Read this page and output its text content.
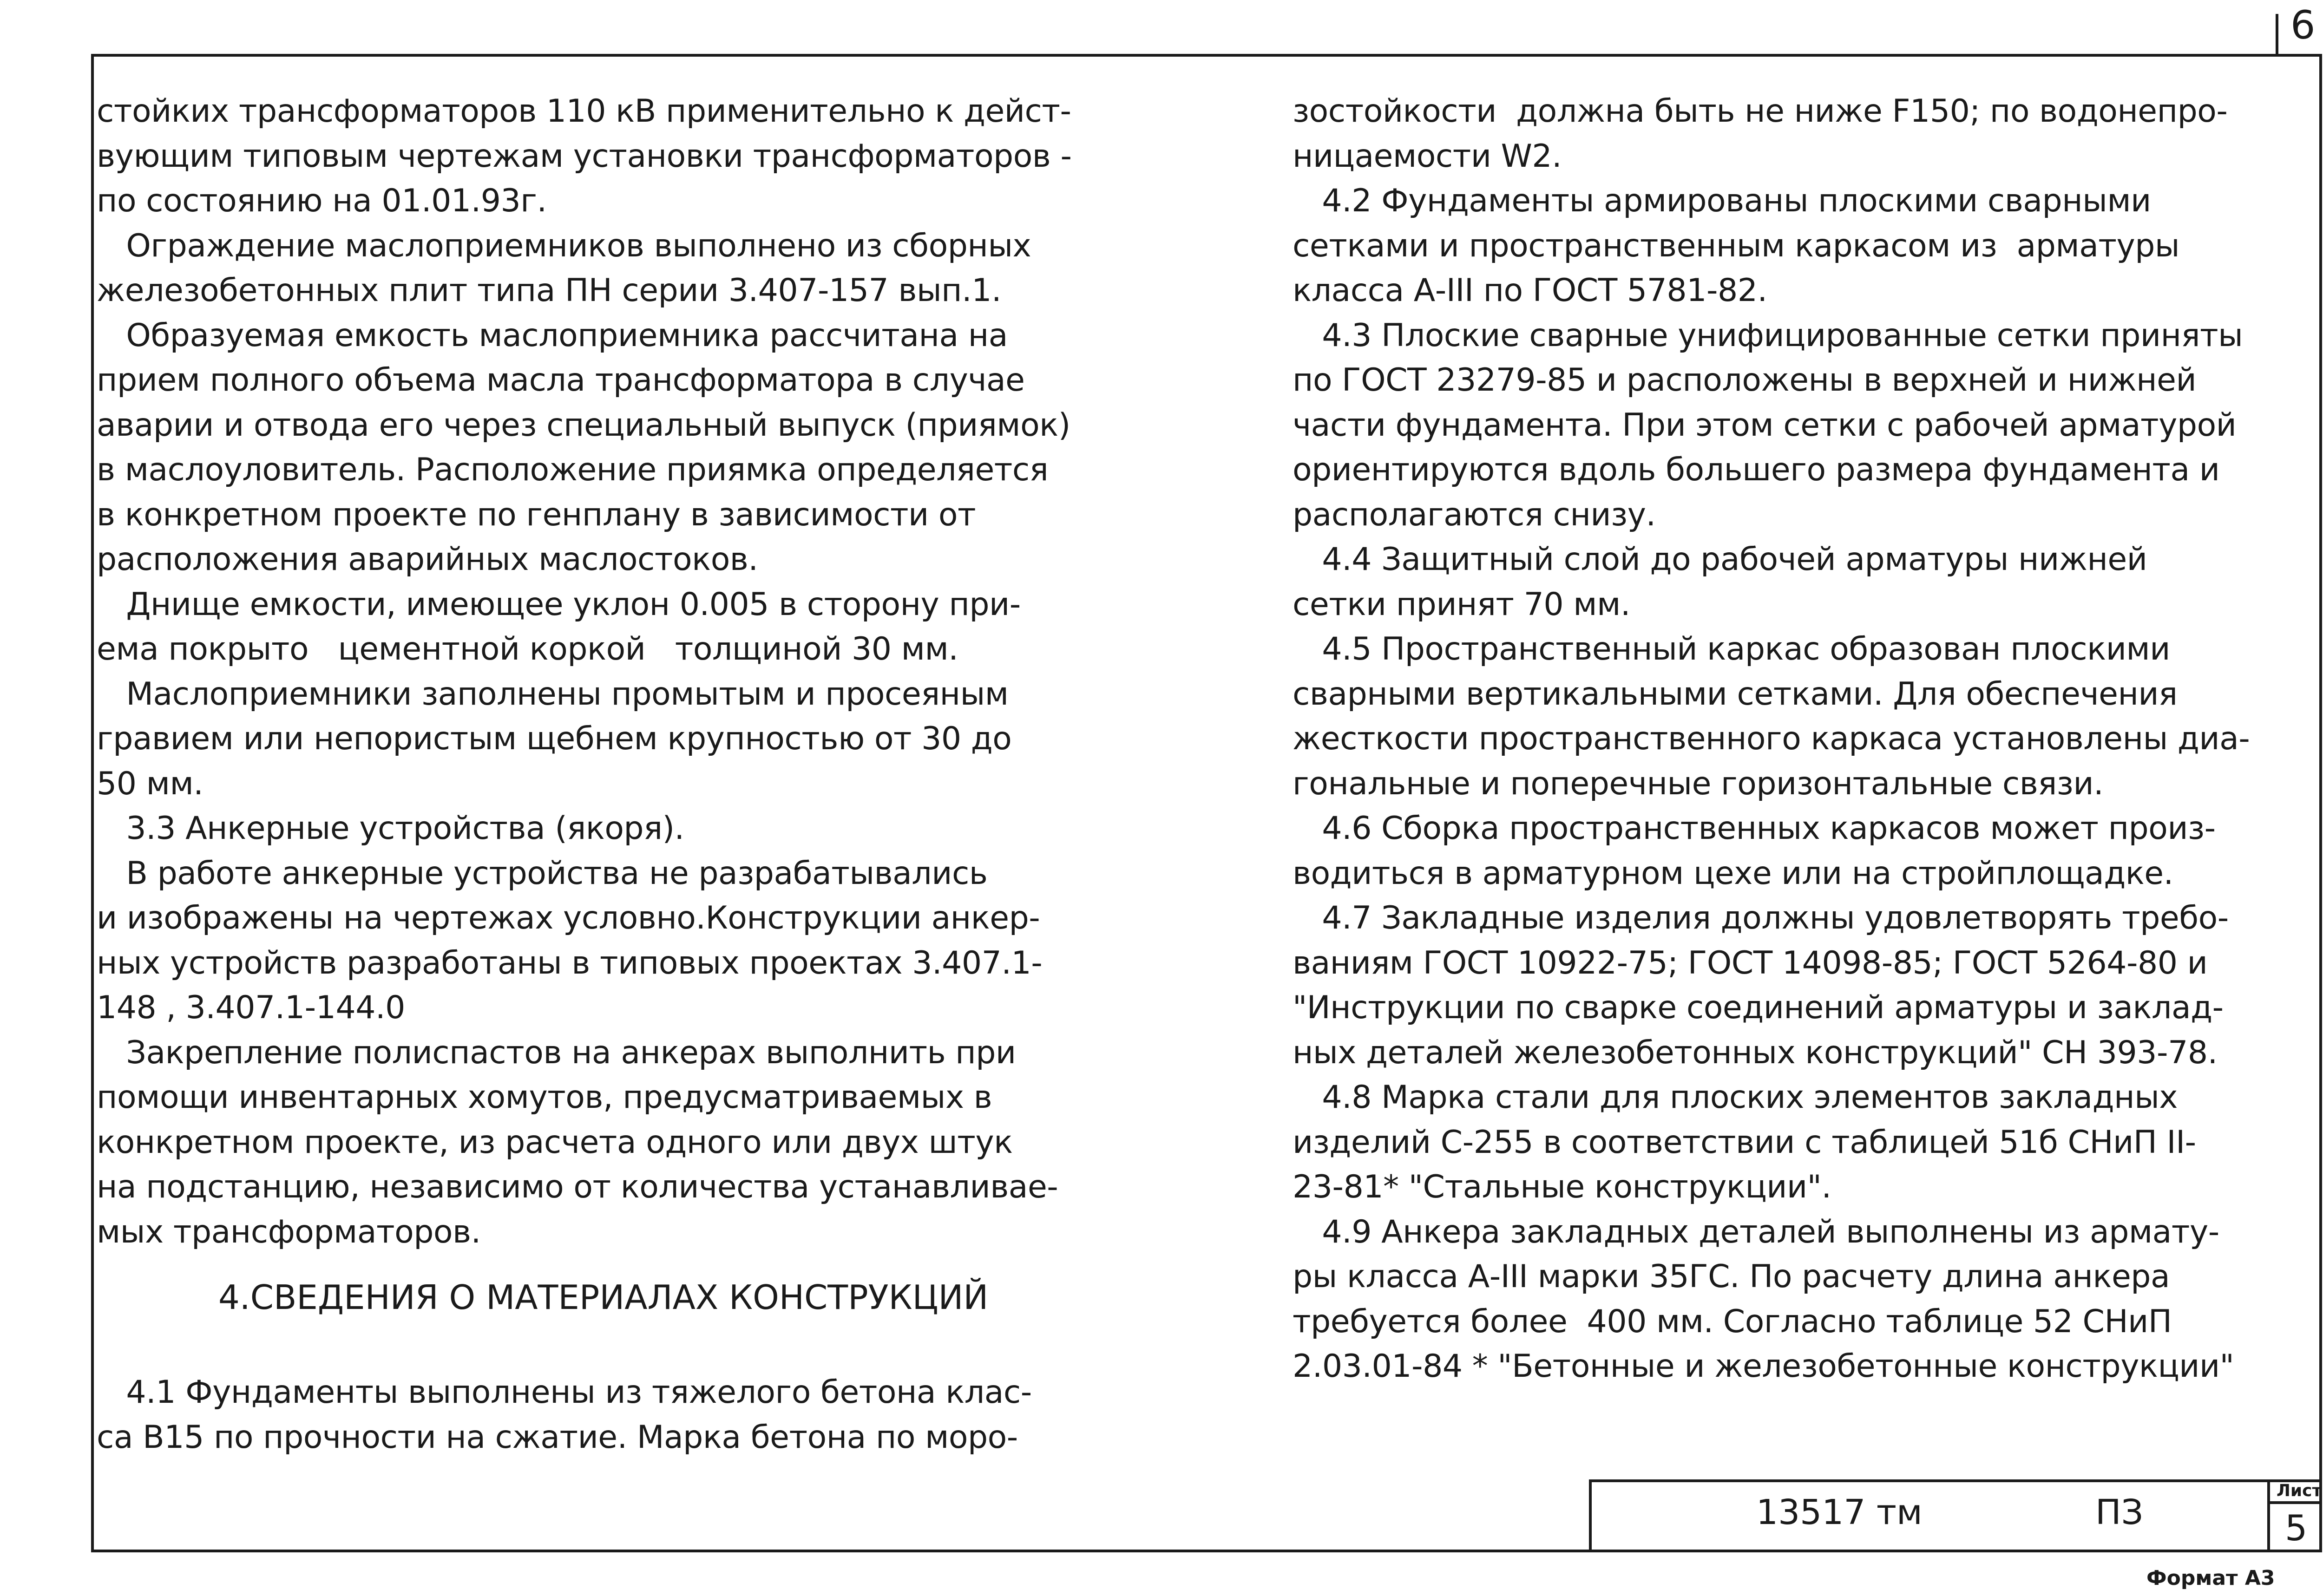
6
стойких трансформаторов 110 кВ применительно к дейст-
вующим типовым чертежам установки трансформаторов -
по состоянию на 01.01.93г.
Ограждение маслоприемников выполнено из сборных
железобетонных плит типа ПН серии 3.407-157 вып.1.
Образуемая емкость маслоприемника рассчитана на
прием полного объема масла трансформатора в случае
аварии и отвода его через специальный выпуск (приямок)
в маслоуловитель. Расположение приямка определяется
в конкретном проекте по генплану в зависимости от
расположения аварийных маслостоков.
Днище емкости, имеющее уклон 0.005 в сторону при-
ема покрыто   цементной коркой   толщиной 30 мм.
Маслоприемники заполнены промытым и просеяным
гравием или непористым щебнем крупностью от 30 до
50 мм.
3.3 Анкерные устройства (якоря).
В работе анкерные устройства не разрабатывались
и изображены на чертежах условно.Конструкции анкер-
ных устройств разработаны в типовых проектах 3.407.1-
148 , 3.407.1-144.0
Закрепление полиспастов на анкерах выполнить при
помощи инвентарных хомутов, предусматриваемых в
конкретном проекте, из расчета одного или двух штук
на подстанцию, независимо от количества устанавливае-
мых трансформаторов.
4.СВЕДЕНИЯ О МАТЕРИАЛАХ КОНСТРУКЦИЙ
4.1 Фундаменты выполнены из тяжелого бетона клас-
са В15 по прочности на сжатие. Марка бетона по моро-
зостойкости  должна быть не ниже F150; по водонепро-
ницаемости W2.
4.2 Фундаменты армированы плоскими сварными
сетками и пространственным каркасом из  арматуры
класса А-III по ГОСТ 5781-82.
4.3 Плоские сварные унифицированные сетки приняты
по ГОСТ 23279-85 и расположены в верхней и нижней
части фундамента. При этом сетки с рабочей арматурой
ориентируются вдоль большего размера фундамента и
располагаются снизу.
4.4 Защитный слой до рабочей арматуры нижней
сетки принят 70 мм.
4.5 Пространственный каркас образован плоскими
сварными вертикальными сетками. Для обеспечения
жесткости пространственного каркаса установлены диа-
гональные и поперечные горизонтальные связи.
4.6 Сборка пространственных каркасов может произ-
водиться в арматурном цехе или на стройплощадке.
4.7 Закладные изделия должны удовлетворять требо-
ваниям ГОСТ 10922-75; ГОСТ 14098-85; ГОСТ 5264-80 и
"Инструкции по сварке соединений арматуры и заклад-
ных деталей железобетонных конструкций" СН 393-78.
4.8 Марка стали для плоских элементов закладных
изделий С-255 в соответствии с таблицей 51б СНиП II-
23-81* "Стальные конструкции".
4.9 Анкера закладных деталей выполнены из армату-
ры класса А-III марки 35ГС. По расчету длина анкера
требуется более  400 мм. Согласно таблице 52 СНиП
2.03.01-84 * "Бетонные и железобетонные конструкции"
13517 тм	ПЗ
Лист
5
Формат А3
